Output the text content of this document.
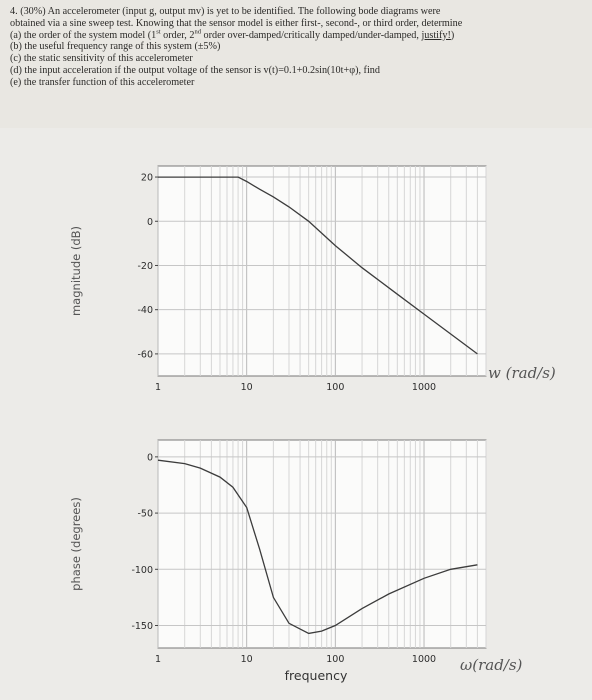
4. (30%) An accelerometer (input g, output mv) is yet to be identified. The following bode diagrams were
obtained via a sine sweep test. Knowing that the sensor model is either first-, second-, or third order, determine
(a) the order of the system model (1st order, 2nd order over-damped/critically damped/under-damped, justify!)
(b) the useful frequency range of this system (±5%)
(c) the static sensitivity of this accelerometer
(d) the input acceleration if the output voltage of the sensor is v(t)=0.1+0.2sin(10t+φ), find
(e) the transfer function of this accelerometer
20
0
-20
-40
-60
1	10	100	1000
magnitude (dB)
w (rad/s)
0
-50
-100
-150
1	10	100	1000
phase (degrees)
frequency
ω(rad/s)
